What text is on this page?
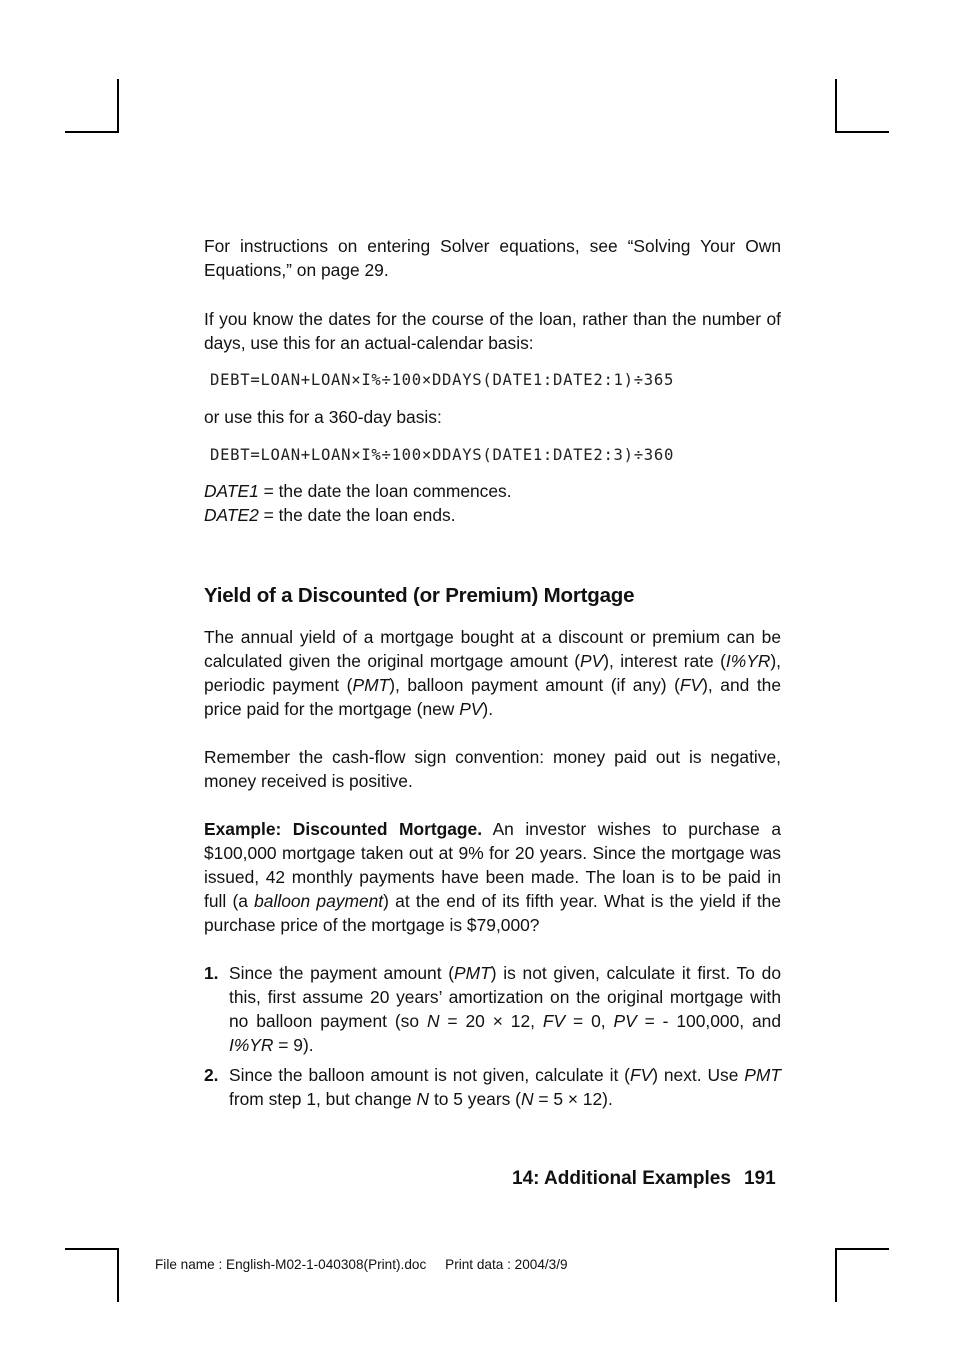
For instructions on entering Solver equations, see “Solving Your Own Equations,” on page 29.

If you know the dates for the course of the loan, rather than the number of days, use this for an actual-calendar basis:

DEBT=LOAN+LOAN×I%÷100×DDAYS(DATE1:DATE2:1)÷365
or use this for a 360-day basis:
DEBT=LOAN+LOAN×I%÷100×DDAYS(DATE1:DATE2:3)÷360
DATE1 = the date the loan commences.
DATE2 = the date the loan ends.
Yield of a Discounted (or Premium) Mortgage

The annual yield of a mortgage bought at a discount or premium can be calculated given the original mortgage amount (PV), interest rate (I%YR), periodic payment (PMT), balloon payment amount (if any) (FV), and the price paid for the mortgage (new PV).

Remember the cash-flow sign convention: money paid out is negative, money received is positive.

Example: Discounted Mortgage. An investor wishes to purchase a $100,000 mortgage taken out at 9% for 20 years. Since the mortgage was issued, 42 monthly payments have been made. The loan is to be paid in full (a balloon payment) at the end of its fifth year. What is the yield if the purchase price of the mortgage is $79,000?

1. Since the payment amount (PMT) is not given, calculate it first. To do this, first assume 20 years’ amortization on the original mortgage with no balloon payment (so N = 20 × 12, FV = 0, PV = - 100,000, and I%YR = 9).

2. Since the balloon amount is not given, calculate it (FV) next. Use PMT from step 1, but change N to 5 years (N = 5 × 12).

14: Additional Examples 191
File name : English-M02-1-040308(Print).doc     Print data : 2004/3/9
